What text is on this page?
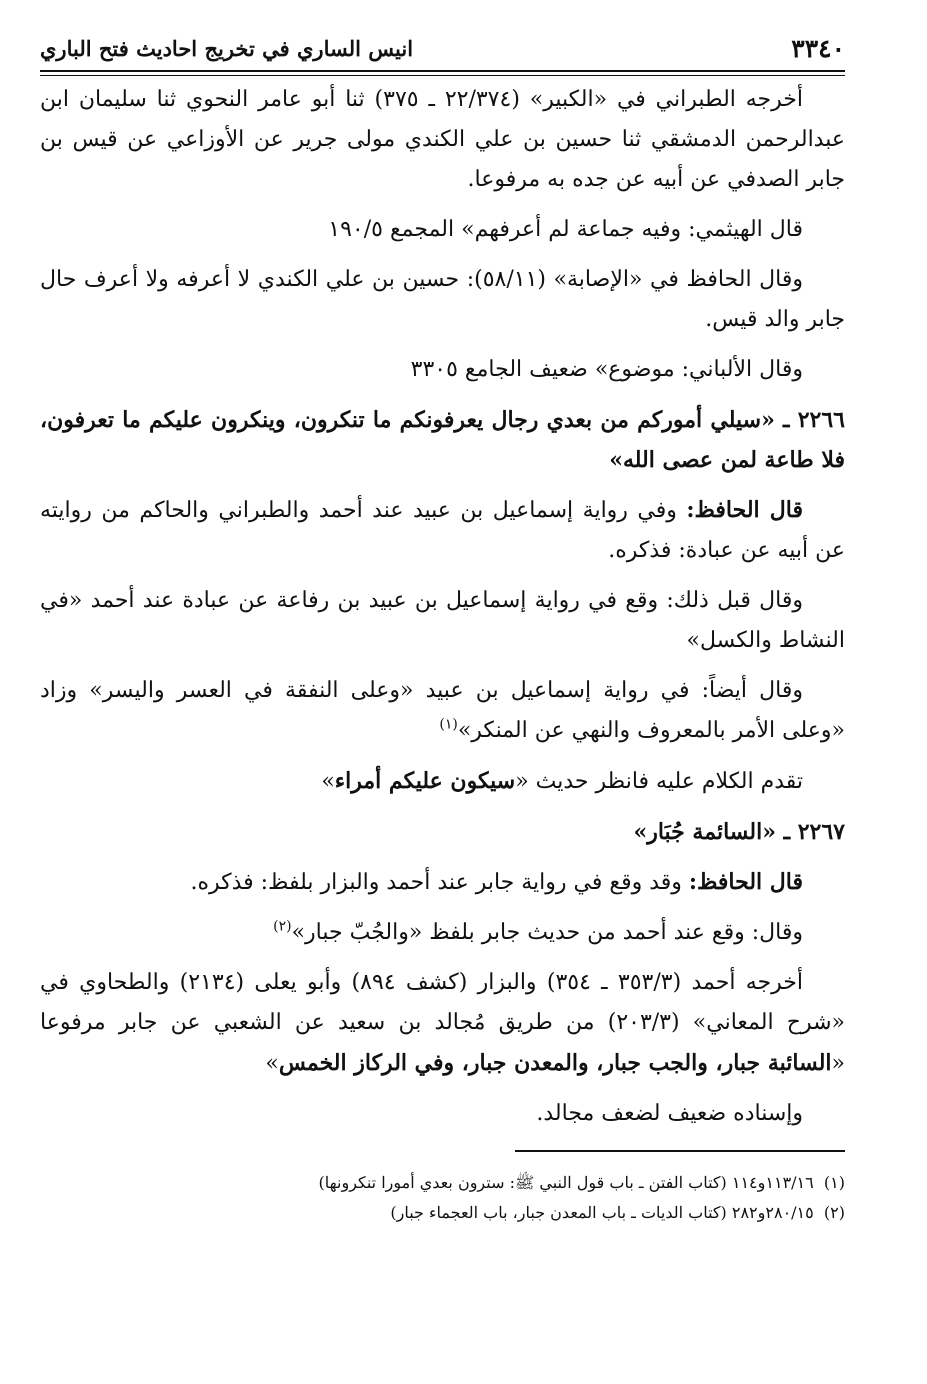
٣٣٤٠
انيس الساري في تخريج احاديث فتح الباري

أخرجه الطبراني في «الكبير» (٢٢/٣٧٤ ـ ٣٧٥) ثنا أبو عامر النحوي ثنا سليمان ابن عبدالرحمن الدمشقي ثنا حسين بن علي الكندي مولى جرير عن الأوزاعي عن قيس بن جابر الصدفي عن أبيه عن جده به مرفوعا.

قال الهيثمي: وفيه جماعة لم أعرفهم» المجمع ١٩٠/٥

وقال الحافظ في «الإصابة» (٥٨/١١): حسين بن علي الكندي لا أعرفه ولا أعرف حال جابر والد قيس.

وقال الألباني: موضوع» ضعيف الجامع ٣٣٠٥

٢٢٦٦ ـ «سيلي أموركم من بعدي رجال يعرفونكم ما تنكرون، وينكرون عليكم ما تعرفون، فلا طاعة لمن عصى الله»

قال الحافظ: وفي رواية إسماعيل بن عبيد عند أحمد والطبراني والحاكم من روايته عن أبيه عن عبادة: فذكره.

وقال قبل ذلك: وقع في رواية إسماعيل بن عبيد بن رفاعة عن عبادة عند أحمد «في النشاط والكسل»

وقال أيضاً: في رواية إسماعيل بن عبيد «وعلى النفقة في العسر واليسر» وزاد «وعلى الأمر بالمعروف والنهي عن المنكر»$^{(١)}$

تقدم الكلام عليه فانظر حديث «سيكون عليكم أمراء»

٢٢٦٧ ـ «السائمة جُبَار»

قال الحافظ: وقد وقع في رواية جابر عند أحمد والبزار بلفظ: فذكره.

وقال: وقع عند أحمد من حديث جابر بلفظ «والجُبّ جبار»$^{(٢)}$

أخرجه أحمد (٣٥٣/٣ ـ ٣٥٤) والبزار (كشف ٨٩٤) وأبو يعلى (٢١٣٤) والطحاوي في «شرح المعاني» (٢٠٣/٣) من طريق مُجالد بن سعيد عن الشعبي عن جابر مرفوعا «السائبة جبار، والجب جبار، والمعدن جبار، وفي الركاز الخمس»

وإسناده ضعيف لضعف مجالد.

(١)  ١١٣/١٦و١١٤ (كتاب الفتن ـ باب قول النبي ﷺ: سترون بعدي أمورا تنكرونها)

(٢)  ٢٨٠/١٥و٢٨٢ (كتاب الديات ـ باب المعدن جبار، باب العجماء جبار)
